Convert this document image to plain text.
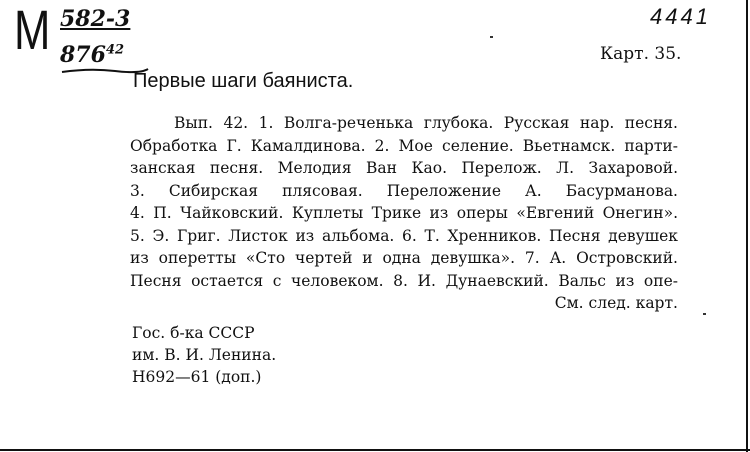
М 582-3
$876^{42}$
4441
Карт. 35.
Первые шаги баяниста.
Вып. 42. 1. Волга-реченька глубока. Русская нар. песня.
Обработка Г. Камалдинова. 2. Мое селение. Вьетнамск. парти-
занская песня. Мелодия Ван Као. Перелож. Л. Захаровой.
3. Сибирская плясовая. Переложение А. Басурманова.
4. П. Чайковский. Куплеты Трике из оперы «Евгений Онегин».
5. Э. Григ. Листок из альбома. 6. Т. Хренников. Песня девушек
из оперетты «Сто чертей и одна девушка». 7. А. Островский.
Песня остается с человеком. 8. И. Дунаевский. Вальс из опе-
См. след. карт.
Гос. б-ка СССР
им. В. И. Ленина.
Н692—61 (доп.)
